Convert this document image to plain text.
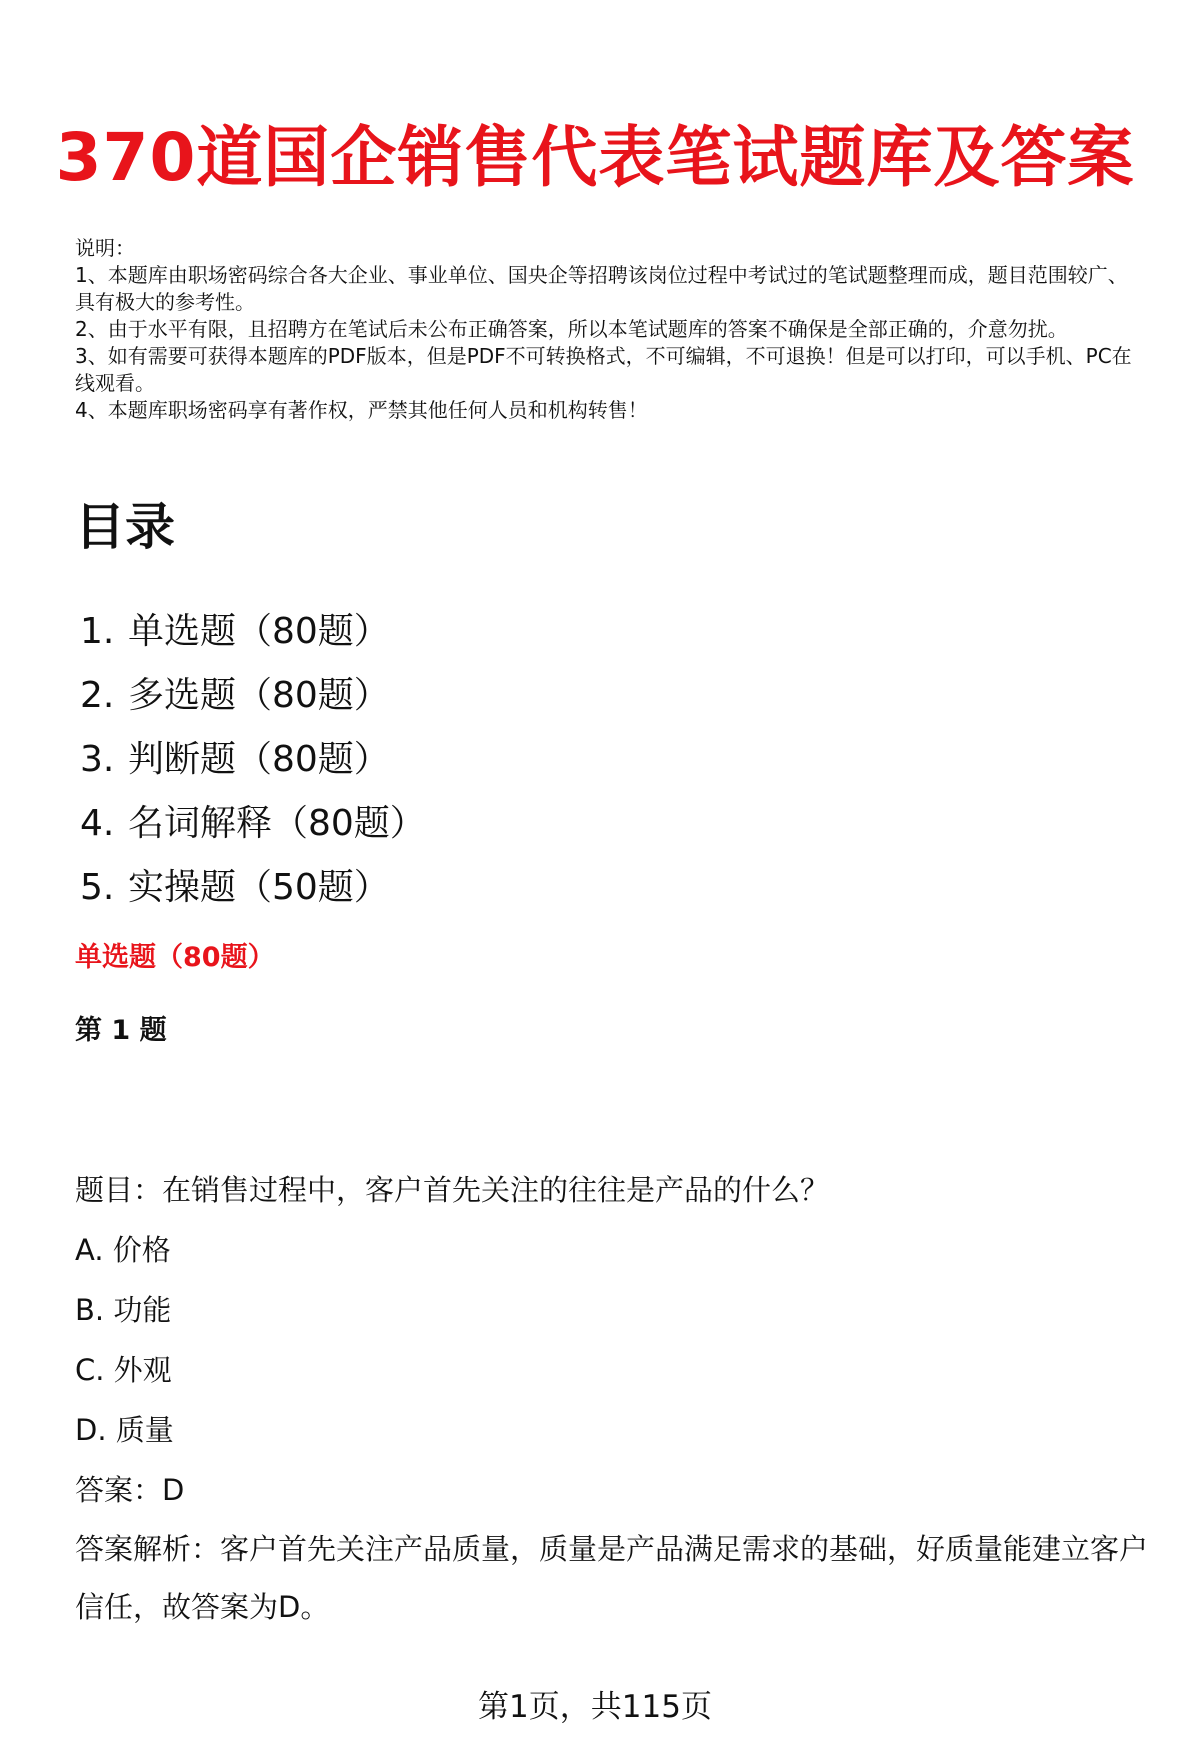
370道国企销售代表笔试题库及答案

说明：

1、本题库由职场密码综合各大企业、事业单位、国央企等招聘该岗位过程中考试过的笔试题整理而成，题目范围较广、具有极大的参考性。

2、由于水平有限，且招聘方在笔试后未公布正确答案，所以本笔试题库的答案不确保是全部正确的，介意勿扰。

3、如有需要可获得本题库的PDF版本，但是PDF不可转换格式，不可编辑，不可退换！但是可以打印，可以手机、PC在线观看。

4、本题库职场密码享有著作权，严禁其他任何人员和机构转售！

目录
1. 单选题（80题）
2. 多选题（80题）
3. 判断题（80题）
4. 名词解释（80题）
5. 实操题（50题）
单选题（80题）
第 1 题
题目：在销售过程中，客户首先关注的往往是产品的什么？
A. 价格
B. 功能
C. 外观
D. 质量
答案：D
答案解析：客户首先关注产品质量，质量是产品满足需求的基础，好质量能建立客户信任，故答案为D。
第1页，共115页
